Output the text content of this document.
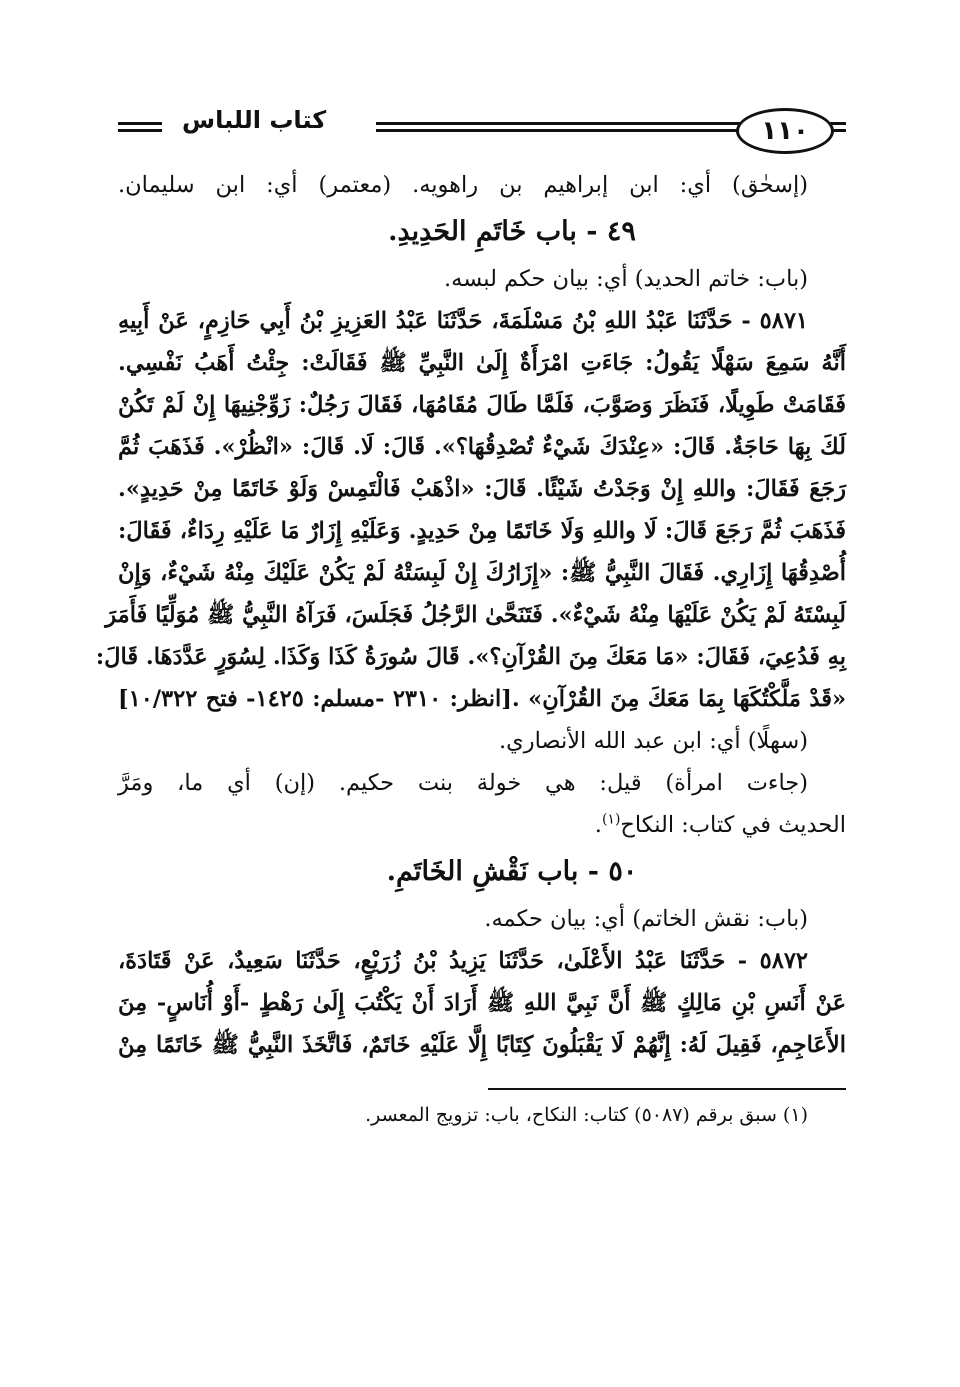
١١٠
كتاب اللباس
(إسحٰق) أي: ابن إبراهيم بن راهويه. (معتمر) أي: ابن سليمان.
٤٩ - باب خَاتَمِ الحَدِيدِ.
(باب: خاتم الحديد) أي: بيان حكم لبسه.
٥٨٧١ - حَدَّثَنَا عَبْدُ اللهِ بْنُ مَسْلَمَةَ، حَدَّثَنَا عَبْدُ العَزِيزِ بْنُ أَبِي حَازِمٍ، عَنْ أَبِيهِ
أَنَّهُ سَمِعَ سَهْلًا يَقُولُ: جَاءَتِ امْرَأَةٌ إِلَىٰ النَّبِيِّ ﷺ فَقَالَتْ: جِئْتُ أَهَبُ نَفْسِي.
فَقَامَتْ طَوِيلًا، فَنَظَرَ وَصَوَّبَ، فَلَمَّا طَالَ مُقَامُهَا، فَقَالَ رَجُلٌ: زَوِّجْنِيهَا إِنْ لَمْ تَكُنْ
لَكَ بِهَا حَاجَةٌ. قَالَ: «عِنْدَكَ شَيْءٌ تُصْدِقُهَا؟». قَالَ: لَا. قَالَ: «انْظُرْ». فَذَهَبَ ثُمَّ
رَجَعَ فَقَالَ: واللهِ إِنْ وَجَدْتُ شَيْئًا. قَالَ: «اذْهَبْ فَالْتَمِسْ وَلَوْ خَاتَمًا مِنْ حَدِيدٍ».
فَذَهَبَ ثُمَّ رَجَعَ قَالَ: لَا واللهِ وَلَا خَاتَمًا مِنْ حَدِيدٍ. وَعَلَيْهِ إِزَارٌ مَا عَلَيْهِ رِدَاءٌ، فَقَالَ:
أُصْدِقُهَا إِزَارِي. فَقَالَ النَّبِيُّ ﷺ: «إِزَارُكَ إِنْ لَبِسَتْهُ لَمْ يَكُنْ عَلَيْكَ مِنْهُ شَيْءٌ، وَإِنْ
لَبِسْتَهُ لَمْ يَكُنْ عَلَيْهَا مِنْهُ شَيْءٌ». فَتَنَحَّىٰ الرَّجُلُ فَجَلَسَ، فَرَآهُ النَّبِيُّ ﷺ مُوَلِّيًا فَأَمَرَ
بِهِ فَدُعِيَ، فَقَالَ: «مَا مَعَكَ مِنَ القُرْآنِ؟». قَالَ سُورَةُ كَذَا وَكَذَا. لِسُوَرٍ عَدَّدَهَا. قَالَ:
«قَدْ مَلَّكْتُكَهَا بِمَا مَعَكَ مِنَ القُرْآنِ» .[انظر: ٢٣١٠ -مسلم: ١٤٢٥- فتح ١٠/٣٢٢]
(سهلًا) أي: ابن عبد الله الأنصاري.
(جاءت امرأة) قيل: هي خولة بنت حكيم. (إن) أي ما، ومَرَّ
الحديث في كتاب: النكاح$^{(١)}$.
٥٠ - باب نَقْشِ الخَاتَمِ.
(باب: نقش الخاتم) أي: بيان حكمه.
٥٨٧٢ - حَدَّثَنَا عَبْدُ الأَعْلَىٰ، حَدَّثَنَا يَزِيدُ بْنُ زُرَيْعٍ، حَدَّثَنَا سَعِيدٌ، عَنْ قَتَادَةَ،
عَنْ أَنَسِ بْنِ مَالِكٍ ﷺ أَنَّ نَبِيَّ اللهِ ﷺ أَرَادَ أَنْ يَكْتُبَ إِلَىٰ رَهْطٍ -أَوْ أُنَاسٍ- مِنَ
الأَعَاجِمِ، فَقِيلَ لَهُ: إِنَّهُمْ لَا يَقْبَلُونَ كِتَابًا إِلَّا عَلَيْهِ خَاتَمٌ، فَاتَّخَذَ النَّبِيُّ ﷺ خَاتَمًا مِنْ
(١) سبق برقم (٥٠٨٧) كتاب: النكاح، باب: تزويج المعسر.
